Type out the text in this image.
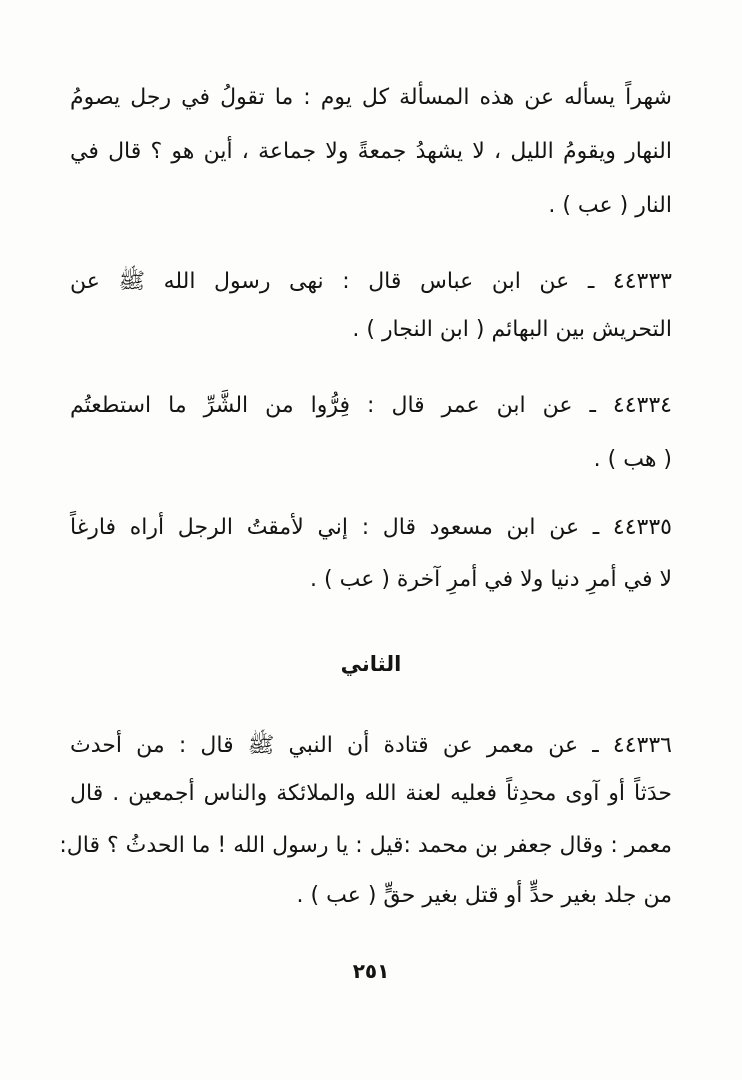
شهراً يسأله عن هذه المسألة كل يوم : ما تقولُ في رجل يصومُ
النهار ويقومُ الليل ، لا يشهدُ جمعةً ولا جماعة ، أين هو ؟ قال في
النار ( عب ) .
٤٤٣٣٣ ـ عن ابن عباس قال : نهى رسول الله ﷺ عن
التحريش بين البهائم ( ابن النجار ) .
٤٤٣٣٤ ـ عن ابن عمر قال : فِرُّوا من الشَّرِّ ما استطعتُم
( هب ) .
٤٤٣٣٥ ـ عن ابن مسعود قال : إني لأمقتُ الرجل أراه فارغاً
لا في أمرِ دنيا ولا في أمرِ آخرة ( عب ) .
الثاني
٤٤٣٣٦ ـ عن معمر عن قتادة أن النبي ﷺ قال : من أحدث
حدَثاً أو آوى محدِثاً فعليه لعنة الله والملائكة والناس أجمعين . قال
معمر : وقال جعفر بن محمد :قيل : يا رسول الله ! ما الحدثُ ؟ قال:
من جلد بغير حدٍّ أو قتل بغير حقٍّ ( عب ) .
٢٥١
